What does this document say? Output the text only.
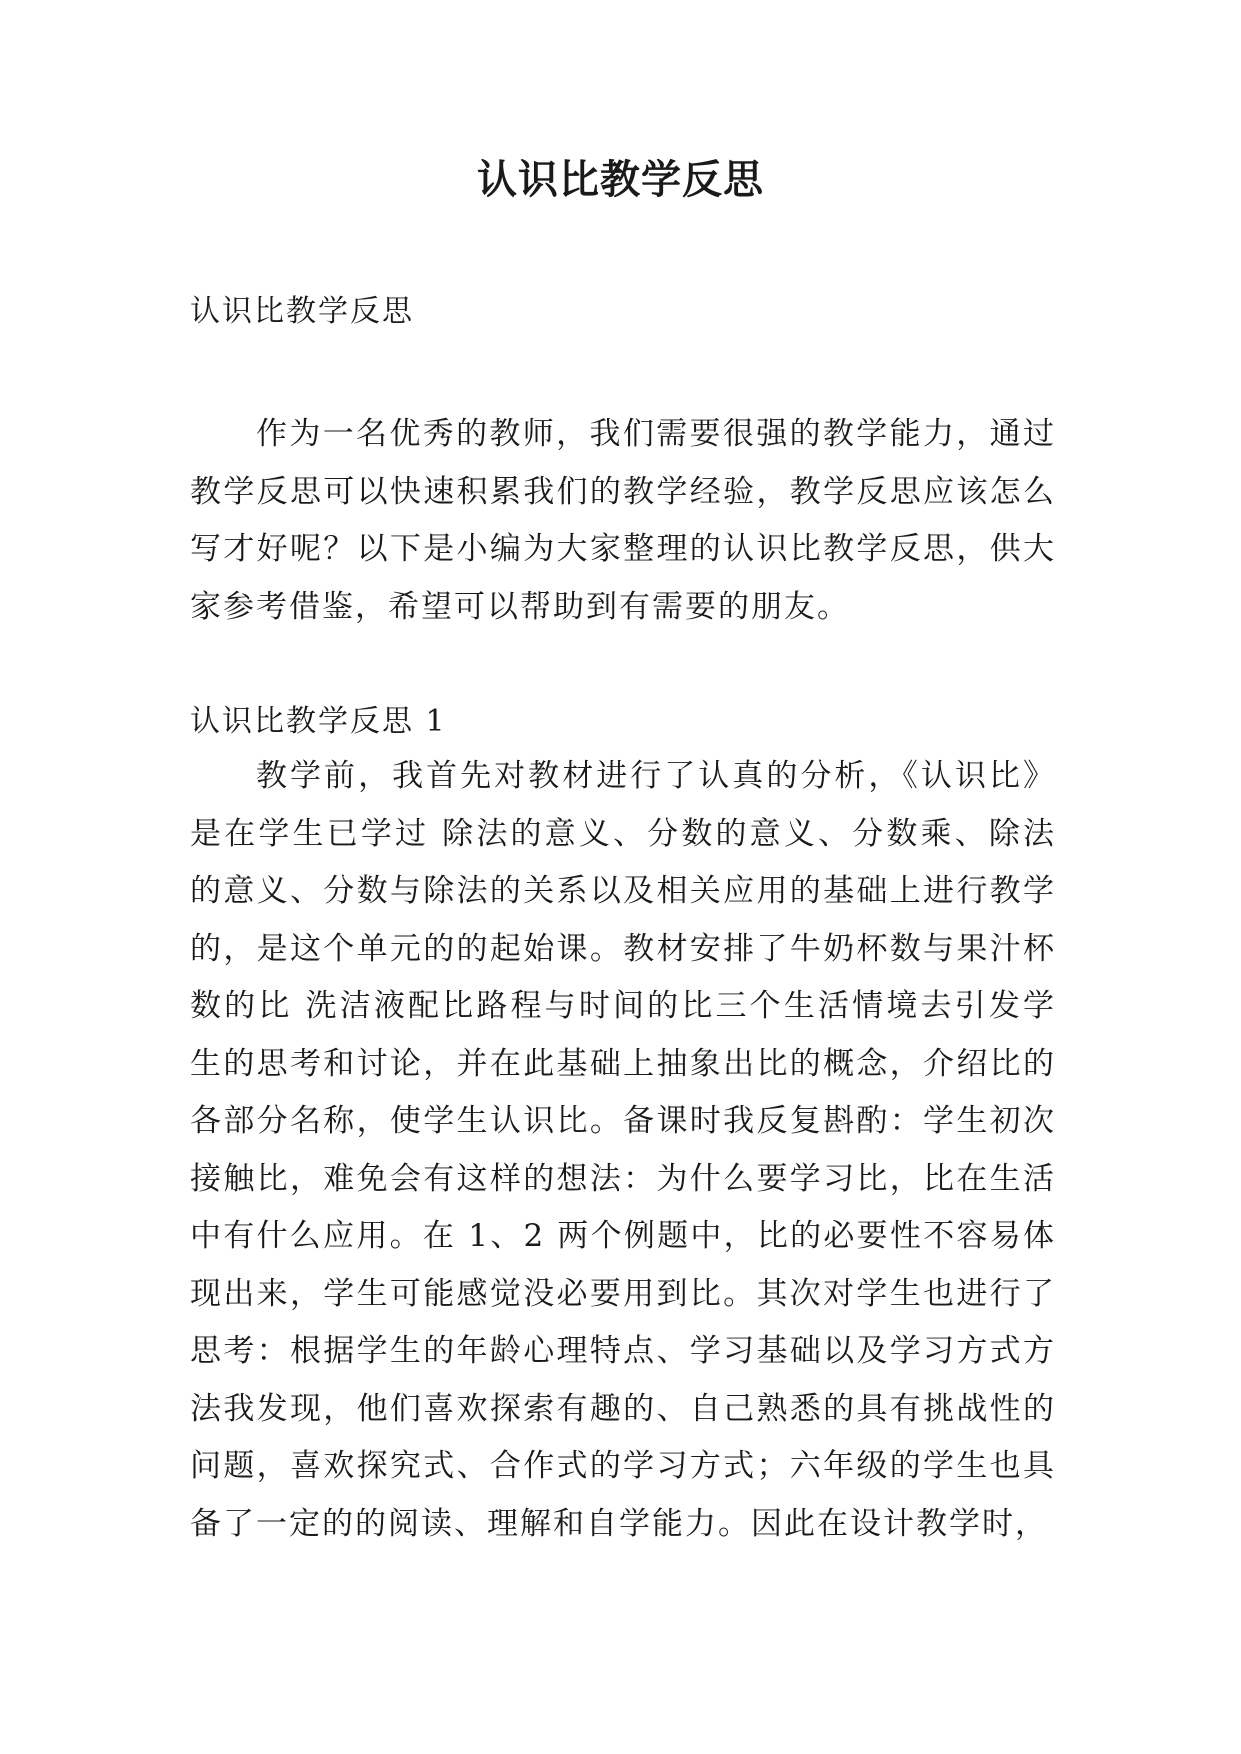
认识比教学反思

认识比教学反思

作为一名优秀的教师，我们需要很强的教学能力，通过教学反思可以快速积累我们的教学经验，教学反思应该怎么写才好呢？以下是小编为大家整理的认识比教学反思，供大家参考借鉴，希望可以帮助到有需要的朋友。

认识比教学反思 1

教学前，我首先对教材进行了认真的分析，《认识比》是在学生已学过 除法的意义、分数的意义、分数乘、除法的意义、分数与除法的关系以及相关应用的基础上进行教学的，是这个单元的的起始课。教材安排了牛奶杯数与果汁杯数的比 洗洁液配比路程与时间的比三个生活情境去引发学生的思考和讨论，并在此基础上抽象出比的概念，介绍比的各部分名称，使学生认识比。备课时我反复斟酌：学生初次接触比，难免会有这样的想法：为什么要学习比，比在生活中有什么应用。在 1、2 两个例题中，比的必要性不容易体现出来，学生可能感觉没必要用到比。其次对学生也进行了思考：根据学生的年龄心理特点、学习基础以及学习方式方法我发现，他们喜欢探索有趣的、自己熟悉的具有挑战性的问题，喜欢探究式、合作式的学习方式；六年级的学生也具备了一定的的阅读、理解和自学能力。因此在设计教学时，
